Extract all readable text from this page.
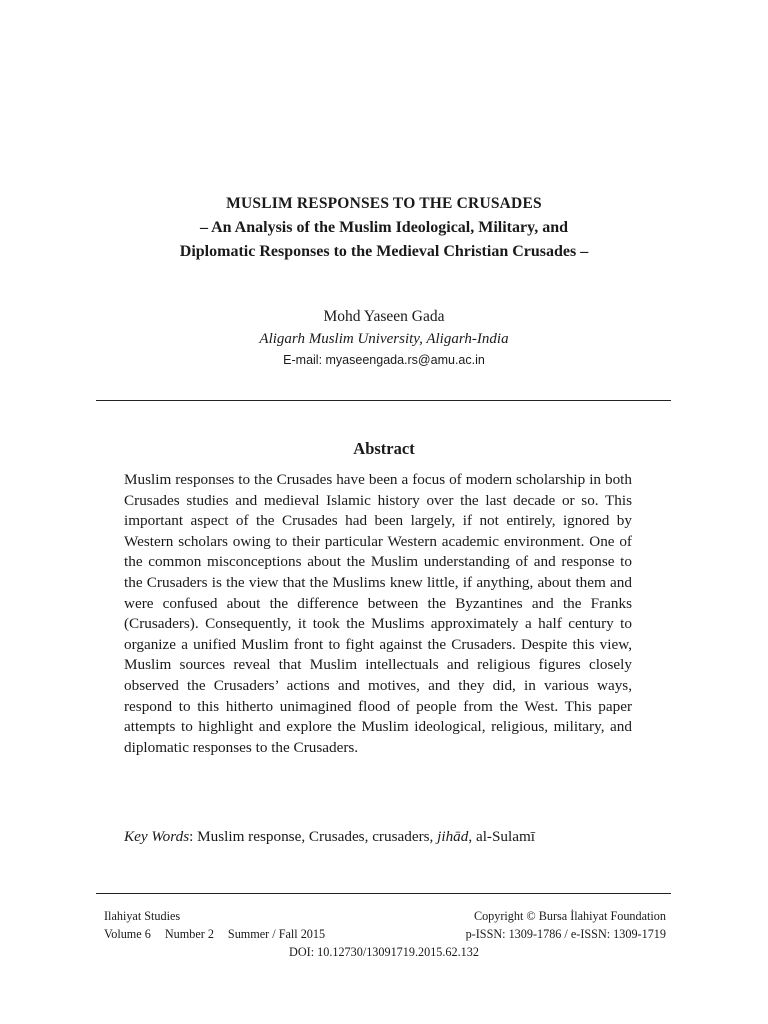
MUSLIM RESPONSES TO THE CRUSADES
– An Analysis of the Muslim Ideological, Military, and
Diplomatic Responses to the Medieval Christian Crusades –
Mohd Yaseen Gada
Aligarh Muslim University, Aligarh-India
E-mail: myaseengada.rs@amu.ac.in
Abstract
Muslim responses to the Crusades have been a focus of modern scholarship in both Crusades studies and medieval Islamic history over the last decade or so. This important aspect of the Crusades had been largely, if not entirely, ignored by Western scholars owing to their particular Western academic environment. One of the common misconceptions about the Muslim understanding of and response to the Crusaders is the view that the Muslims knew little, if anything, about them and were confused about the difference between the Byzantines and the Franks (Crusaders). Consequently, it took the Muslims approximately a half century to organize a unified Muslim front to fight against the Crusaders. Despite this view, Muslim sources reveal that Muslim intellectuals and religious figures closely observed the Crusaders’ actions and motives, and they did, in various ways, respond to this hitherto unimagined flood of people from the West. This paper attempts to highlight and explore the Muslim ideological, religious, military, and diplomatic responses to the Crusaders.
Key Words: Muslim response, Crusades, crusaders, jihād, al-Sulamī
Ilahiyat Studies	Copyright © Bursa İlahiyat Foundation
Volume 6 Number 2 Summer / Fall 2015	p-ISSN: 1309-1786 / e-ISSN: 1309-1719
DOI: 10.12730/13091719.2015.62.132
